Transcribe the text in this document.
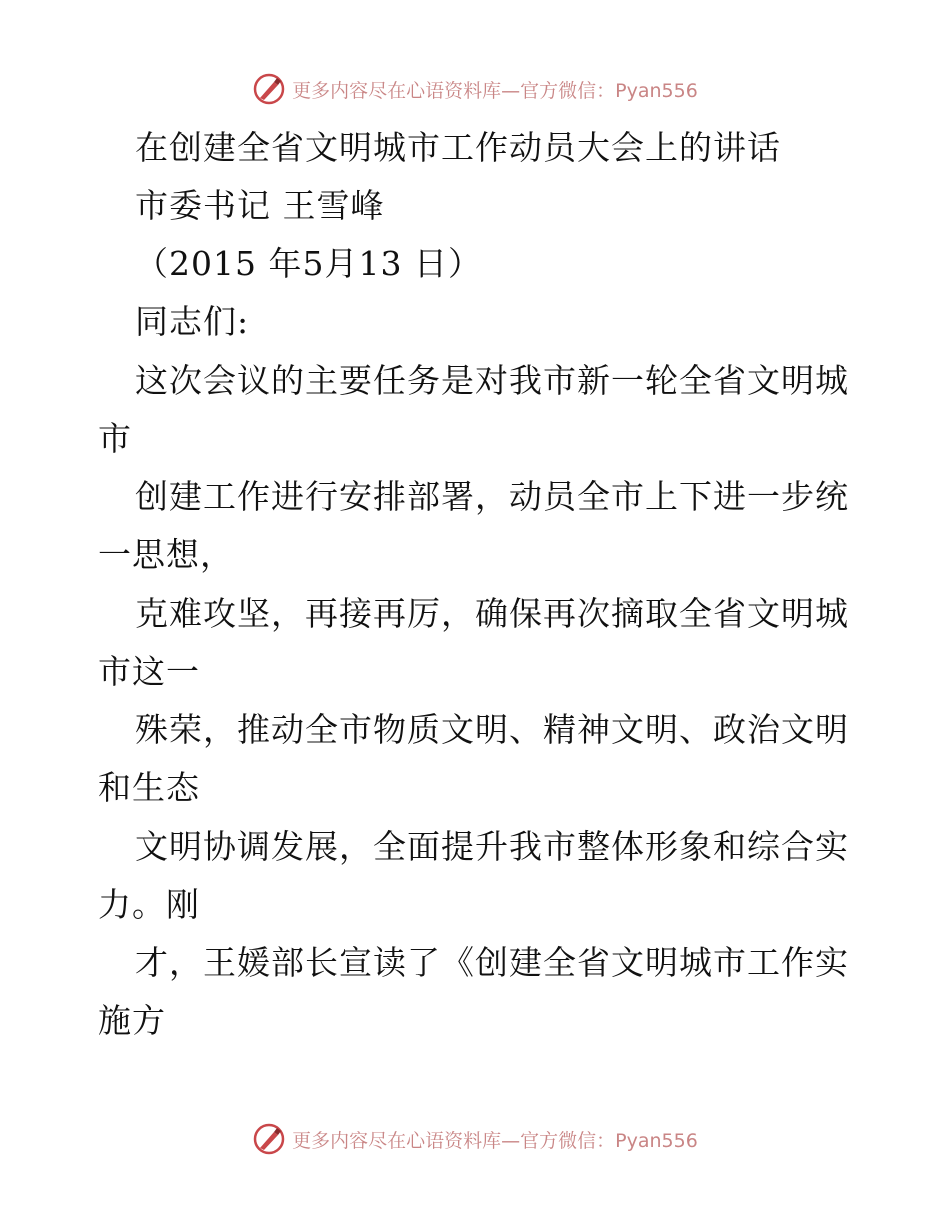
更多内容尽在心语资料库—官方微信：Pyan556
在创建全省文明城市工作动员大会上的讲话
市委书记 王雪峰
（2015 年5月13 日）
同志们:
这次会议的主要任务是对我市新一轮全省文明城
市
创建工作进行安排部署，动员全市上下进一步统
一思想，
克难攻坚，再接再厉，确保再次摘取全省文明城
市这一
殊荣，推动全市物质文明、精神文明、政治文明
和生态
文明协调发展，全面提升我市整体形象和综合实
力。刚
才，王媛部长宣读了《创建全省文明城市工作实
施方
更多内容尽在心语资料库—官方微信：Pyan556
